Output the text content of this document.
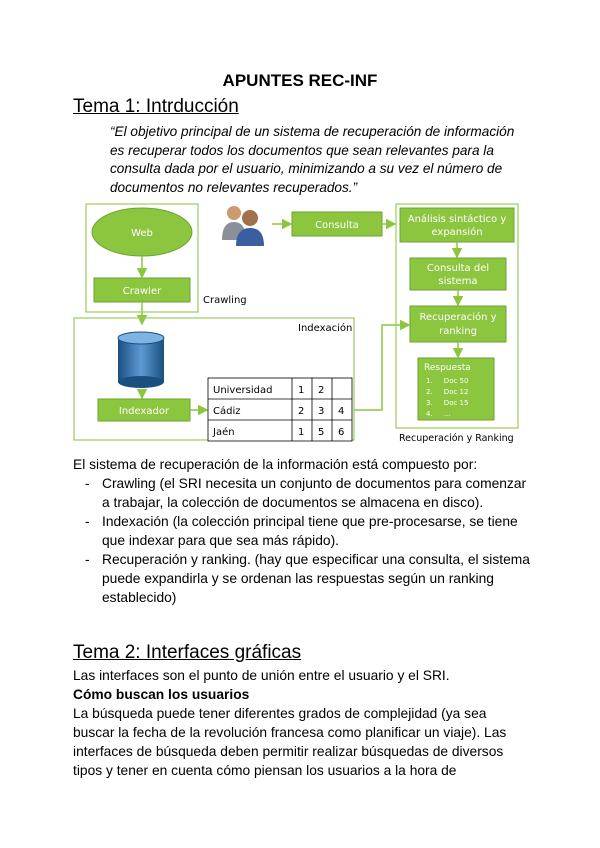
APUNTES REC-INF
Tema 1: Intrducción
“El objetivo principal de un sistema de recuperación de información es recuperar todos los documentos que sean relevantes para la consulta dada por el usuario, minimizando a su vez el número de documentos no relevantes recuperados.”
Web
Crawler
Crawling
Indexación
Indexador
Universidad	1 2
Cádiz	2 3 4
Jaén	1 5 6
Consulta
Análisis sintáctico y
expansión
Consulta del
sistema
Recuperación y
ranking
Respuesta
1.     Doc 50
2.     Doc 12
3.     Doc 15
4.     ...
Recuperación y Ranking
El sistema de recuperación de la información está compuesto por:
- Crawling (el SRI necesita un conjunto de documentos para comenzar a trabajar, la colección de documentos se almacena en disco).
- Indexación (la colección principal tiene que pre-procesarse, se tiene que indexar para que sea más rápido).
- Recuperación y ranking. (hay que especificar una consulta, el sistema puede expandirla y se ordenan las respuestas según un ranking establecido)
Tema 2: Interfaces gráficas
Las interfaces son el punto de unión entre el usuario y el SRI.
Cómo buscan los usuarios
La búsqueda puede tener diferentes grados de complejidad (ya sea buscar la fecha de la revolución francesa como planificar un viaje). Las interfaces de búsqueda deben permitir realizar búsquedas de diversos tipos y tener en cuenta cómo piensan los usuarios a la hora de
